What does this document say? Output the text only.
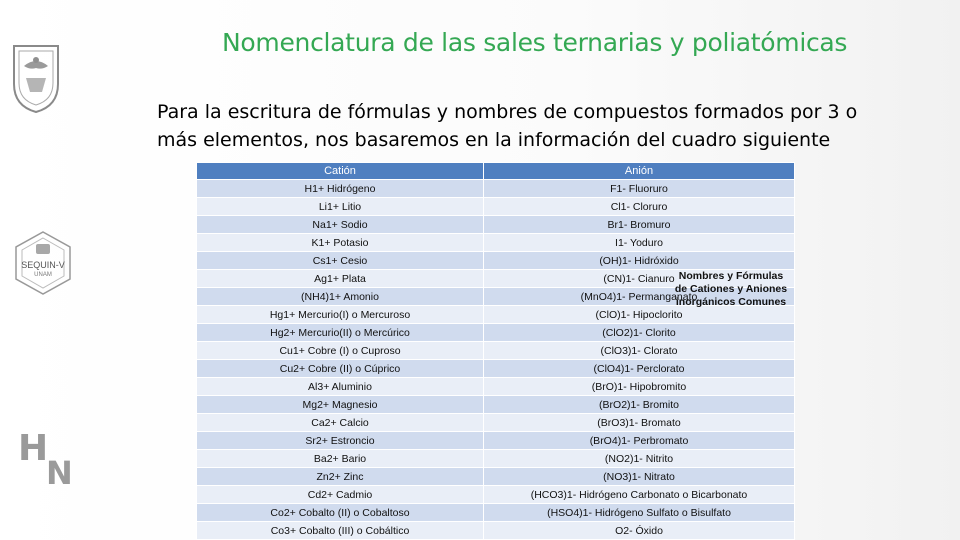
Nomenclatura de las sales ternarias y poliatómicas
Para la escritura de fórmulas y nombres de compuestos formados por 3 o más elementos, nos basaremos en la información del cuadro siguiente
SEQUIN-V
UNAM
H
N
Catión	Anión
H1+ Hidrógeno	F1- Fluoruro
Li1+ Litio	Cl1- Cloruro
Na1+ Sodio	Br1- Bromuro
K1+ Potasio	I1- Yoduro
Cs1+ Cesio	(OH)1- Hidróxido
Ag1+ Plata	(CN)1- Cianuro
(NH4)1+ Amonio	(MnO4)1- Permanganato
Hg1+ Mercurio(I) o Mercuroso	(ClO)1- Hipoclorito
Hg2+ Mercurio(II) o Mercúrico	(ClO2)1- Clorito
Cu1+ Cobre (I) o Cuproso	(ClO3)1- Clorato
Cu2+ Cobre (II) o Cúprico	(ClO4)1- Perclorato
Al3+ Aluminio	(BrO)1- Hipobromito
Mg2+ Magnesio	(BrO2)1- Bromito
Ca2+ Calcio	(BrO3)1- Bromato
Sr2+ Estroncio	(BrO4)1- Perbromato
Ba2+ Bario	(NO2)1- Nitrito
Zn2+ Zinc	(NO3)1- Nitrato
Cd2+ Cadmio	(HCO3)1- Hidrógeno Carbonato o Bicarbonato
Co2+ Cobalto (II) o Cobaltoso	(HSO4)1- Hidrógeno Sulfato o Bisulfato
Co3+ Cobalto (III) o Cobáltico	O2- Óxido
Nombres y Fórmulas de Cationes y Aniones inorgánicos Comunes
